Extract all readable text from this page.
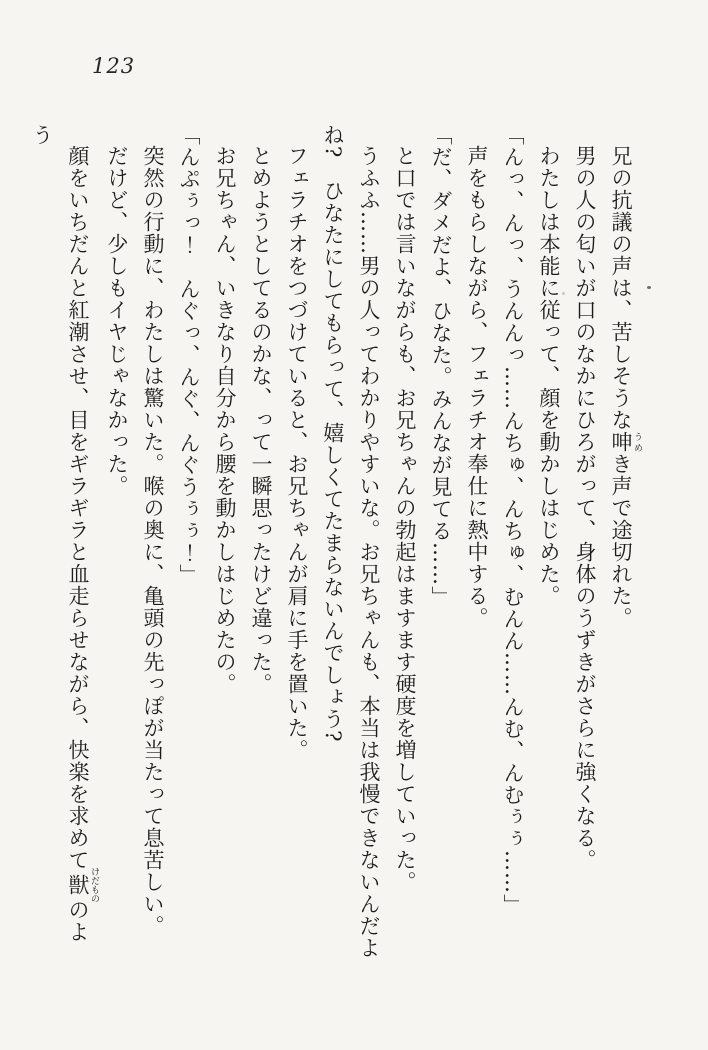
123

兄の抗議の声は、苦しそうな呻 うめき声で途切れた。

男の人の匂いが口のなかにひろがって、身体のうずきがさらに強くなる。

わたしは本能に従って、顔を動かしはじめた。

「んっ、んっ、うんんっ……んちゅ、んちゅ、むんん……んむ、んむぅぅ……」

声をもらしながら、フェラチオ奉仕に熱中する。

「だ、ダメだよ、ひなた。みんなが見てる……」

と口では言いながらも、お兄ちゃんの勃起はますます硬度を増していった。

うふふ……男の人ってわかりやすいな。お兄ちゃんも、本当は我慢できないんだよ

ね?　ひなたにしてもらって、嬉しくてたまらないんでしょう?

フェラチオをつづけていると、お兄ちゃんが肩に手を置いた。

とめようとしてるのかな、って一瞬思ったけど違った。

お兄ちゃん、いきなり自分から腰を動かしはじめたの。

「んぷぅっ！　んぐっ、んぐ、んぐうぅぅ！」

突然の行動に、わたしは驚いた。喉の奥に、亀頭の先っぽが当たって息苦しい。

だけど、少しもイヤじゃなかった。

顔をいちだんと紅潮させ、目をギラギラと血走らせながら、快楽を求めて獣 けだもののよう
